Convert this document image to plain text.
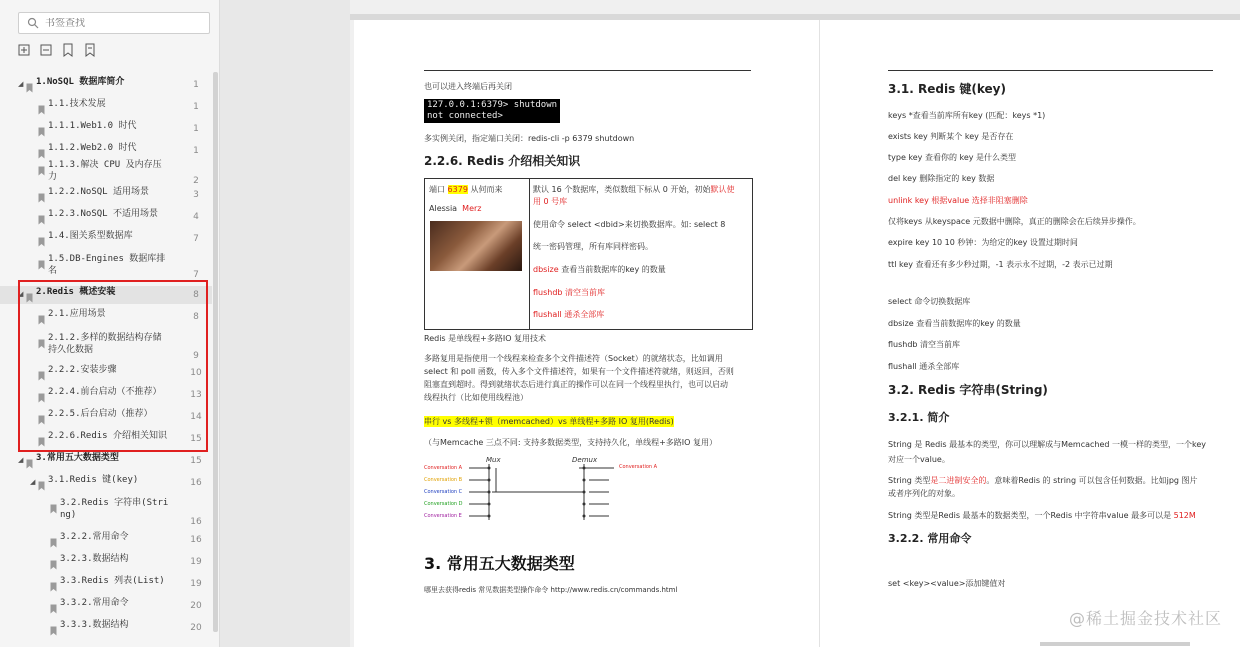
书签查找
◢ 1.NoSQL 数据库简介	1
1.1.技术发展	1
1.1.1.Web1.0 时代	1
1.1.2.Web2.0 时代	1
1.1.3.解决 CPU 及内存压
力	2
1.2.2.NoSQL 适用场景	3
1.2.3.NoSQL 不适用场景	4
1.4.图关系型数据库	7
1.5.DB-Engines 数据库排
名	7
◢ 2.Redis 概述安装	8
2.1.应用场景	8
2.1.2.多样的数据结构存储
持久化数据
9
2.2.2.安装步骤	10
2.2.4.前台启动（不推荐）	13
2.2.5.后台启动（推荐）	14
2.2.6.Redis 介绍相关知识	15
◢ 3.常用五大数据类型	15
◢ 3.1.Redis 键(key)	16
3.2.Redis 字符串(Stri
ng)
16
3.2.2.常用命令	16
3.2.3.数据结构	19
3.3.Redis 列表(List)	19
3.3.2.常用命令	20
3.3.3.数据结构	20
也可以进入终端后再关闭
127.0.0.1:6379> shutdown
not connected>
多实例关闭，指定端口关闭：redis-cli -p 6379 shutdown
2.2.6. Redis 介绍相关知识
端口 6379 从何而来
Alessia Merz
默认 16 个数据库，类似数组下标从 0 开始，初始默认使
用 0 号库
使用命令 select <dbid>来切换数据库。如: select 8
统一密码管理，所有库同样密码。
dbsize 查看当前数据库的key 的数量
flushdb 清空当前库
flushall 通杀全部库
Redis 是单线程+多路IO 复用技术
多路复用是指使用一个线程来检查多个文件描述符（Socket）的就绪状态，比如调用
select 和 poll 函数，传入多个文件描述符，如果有一个文件描述符就绪，则返回，否则
阻塞直到超时。得到就绪状态后进行真正的操作可以在同一个线程里执行，也可以启动
线程执行（比如使用线程池）
串行 vs 多线程+锁（memcached）vs 单线程+多路 IO 复用(Redis)
（与Memcache 三点不同: 支持多数据类型，支持持久化，单线程+多路IO 复用）
Mux	Demux
Conversation A
Conversation B
Conversation C
Conversation D
Conversation E
Conversation A
3. 常用五大数据类型
哪里去获得redis 常见数据类型操作命令 http://www.redis.cn/commands.html
3.1. Redis 键(key)
keys *查看当前库所有key (匹配：keys *1)
exists key 判断某个 key 是否存在
type key 查看你的 key 是什么类型
del key 删除指定的 key 数据
unlink key 根据value 选择非阻塞删除
仅将keys 从keyspace 元数据中删除，真正的删除会在后续异步操作。
expire key 10 10 秒钟：为给定的key 设置过期时间
ttl key 查看还有多少秒过期，-1 表示永不过期，-2 表示已过期
select 命令切换数据库
dbsize 查看当前数据库的key 的数量
flushdb 清空当前库
flushall 通杀全部库
3.2. Redis 字符串(String)
3.2.1. 简介
String 是 Redis 最基本的类型，你可以理解成与Memcached 一模一样的类型，一个key
对应一个value。
String 类型是二进制安全的。意味着Redis 的 string 可以包含任何数据。比如jpg 图片
或者序列化的对象。
String 类型是Redis 最基本的数据类型，一个Redis 中字符串value 最多可以是 512M
3.2.2. 常用命令
set <key><value>添加键值对
@稀土掘金技术社区
